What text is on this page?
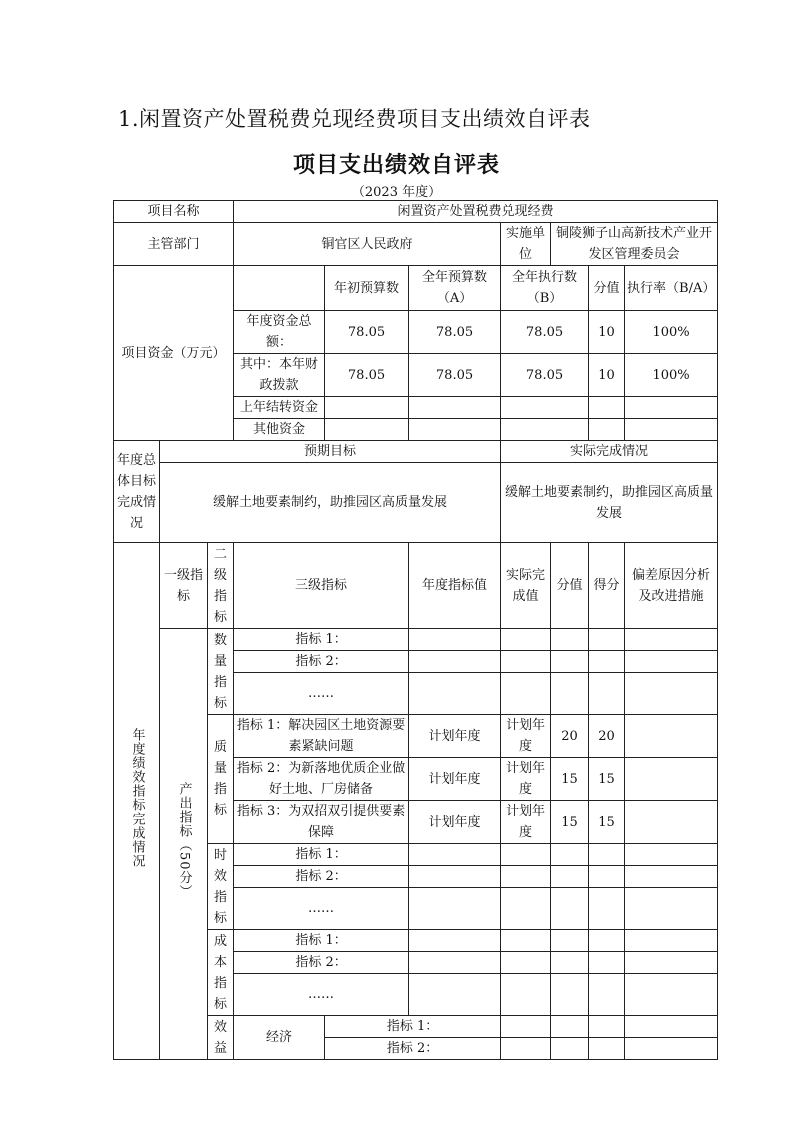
1.闲置资产处置税费兑现经费项目支出绩效自评表
项目支出绩效自评表
（2023 年度）
项目名称			闲置资产处置税费兑现经费							
主管部门			铜官区人民政府			实施单位	铜陵狮子山高新技术产业开发区管理委员会			
项目资金（万元）				年初预算数	全年预算数（A）	全年执行数（B）		分值	执行率（B/A）	
			年度资金总额：	78.05	78.05	78.05		10	100%	
			其中：本年财政拨款	78.05	78.05	78.05		10	100%	
			上年结转资金							
			其他资金							
年度总体目标完成情况	预期目标					实际完成情况				
	缓解土地要素制约，助推园区高质量发展					缓解土地要素制约，助推园区高质量发展				
年度绩效指标完成情况	一级指标	二级指标	三级指标		年度指标值	实际完成值	分值	得分	偏差原因分析及改进措施	
	产出指标（50分）	数量指标	指标 1：							
			指标 2：							
			……							
		质量指标	指标 1：解决园区土地资源要素紧缺问题		计划年度	计划年度	20	20		
			指标 2：为新落地优质企业做好土地、厂房储备		计划年度	计划年度	15	15		
			指标 3：为双招双引提供要素保障		计划年度	计划年度	15	15		
		时效指标	指标 1：							
			指标 2：							
			……							
		成本指标	指标 1：							
			指标 2：							
			……							
		效益	经济	指标 1：						
				指标 2：						
